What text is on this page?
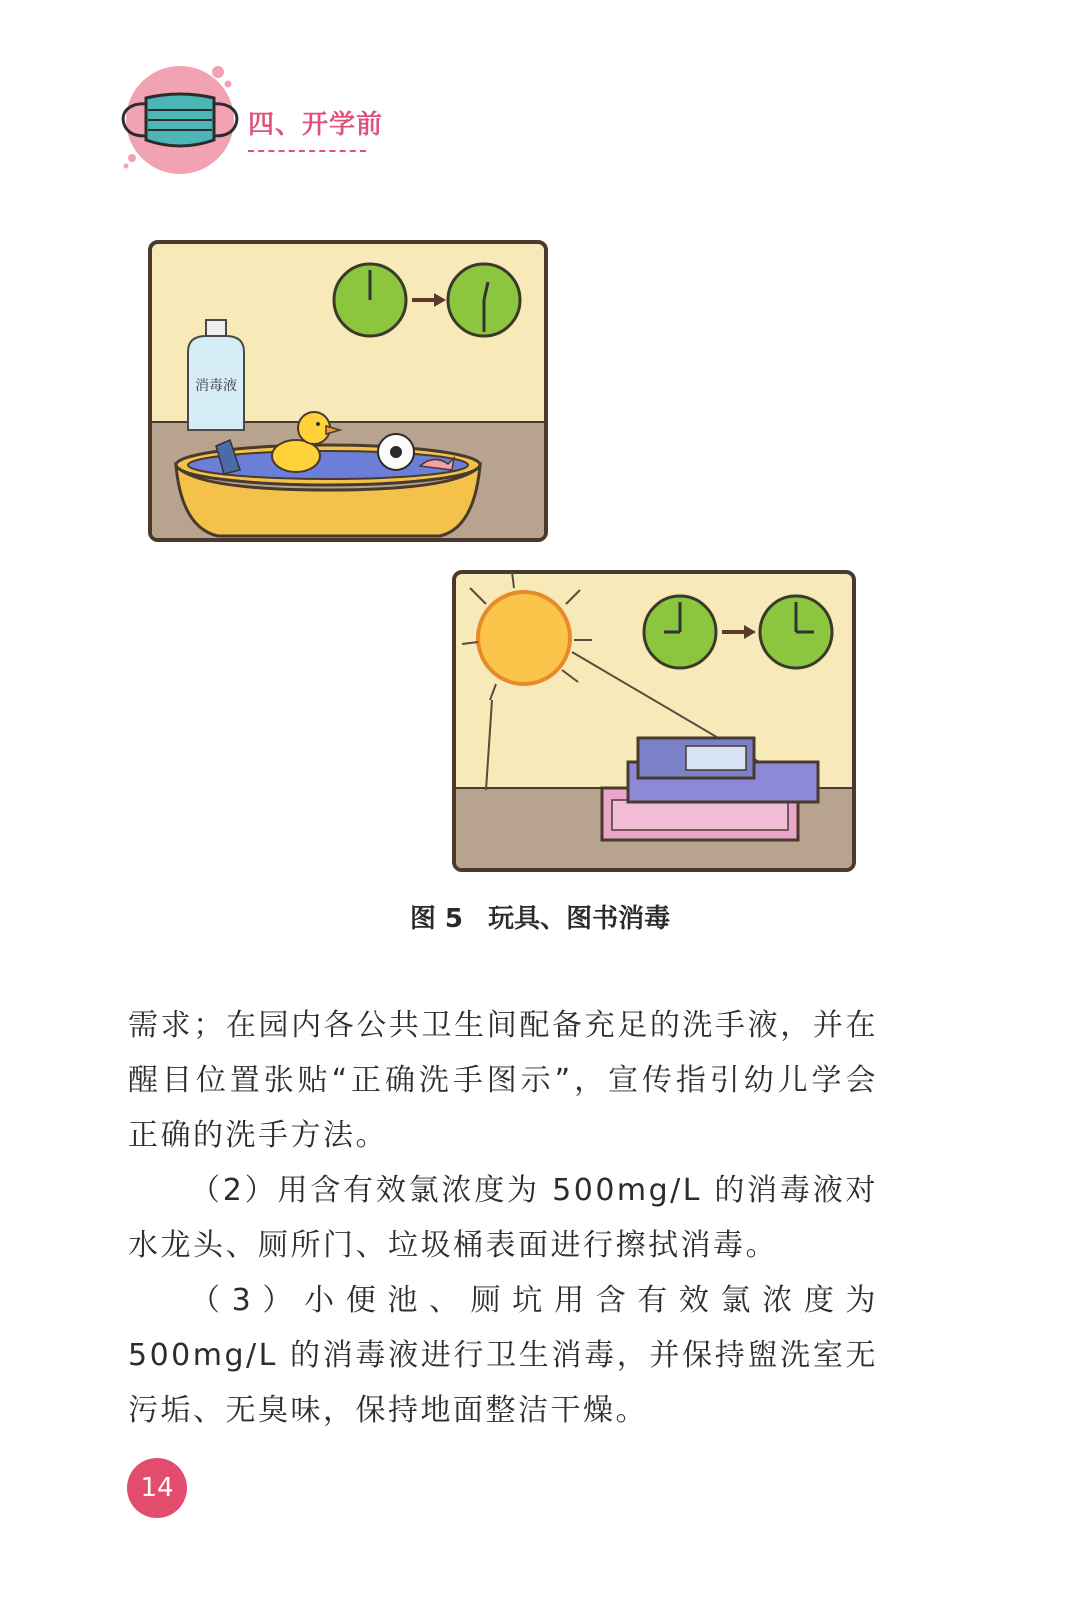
四、开学前
消毒液
图 5 玩具、图书消毒

需求；在园内各公共卫生间配备充足的洗手液，并在醒目位置张贴“正确洗手图示”，宣传指引幼儿学会正确的洗手方法。

（2）用含有效氯浓度为 500mg/L 的消毒液对水龙头、厕所门、垃圾桶表面进行擦拭消毒。

（3）小便池、厕坑用含有效氯浓度为 500mg/L 的消毒液进行卫生消毒，并保持盥洗室无污垢、无臭味，保持地面整洁干燥。

14
